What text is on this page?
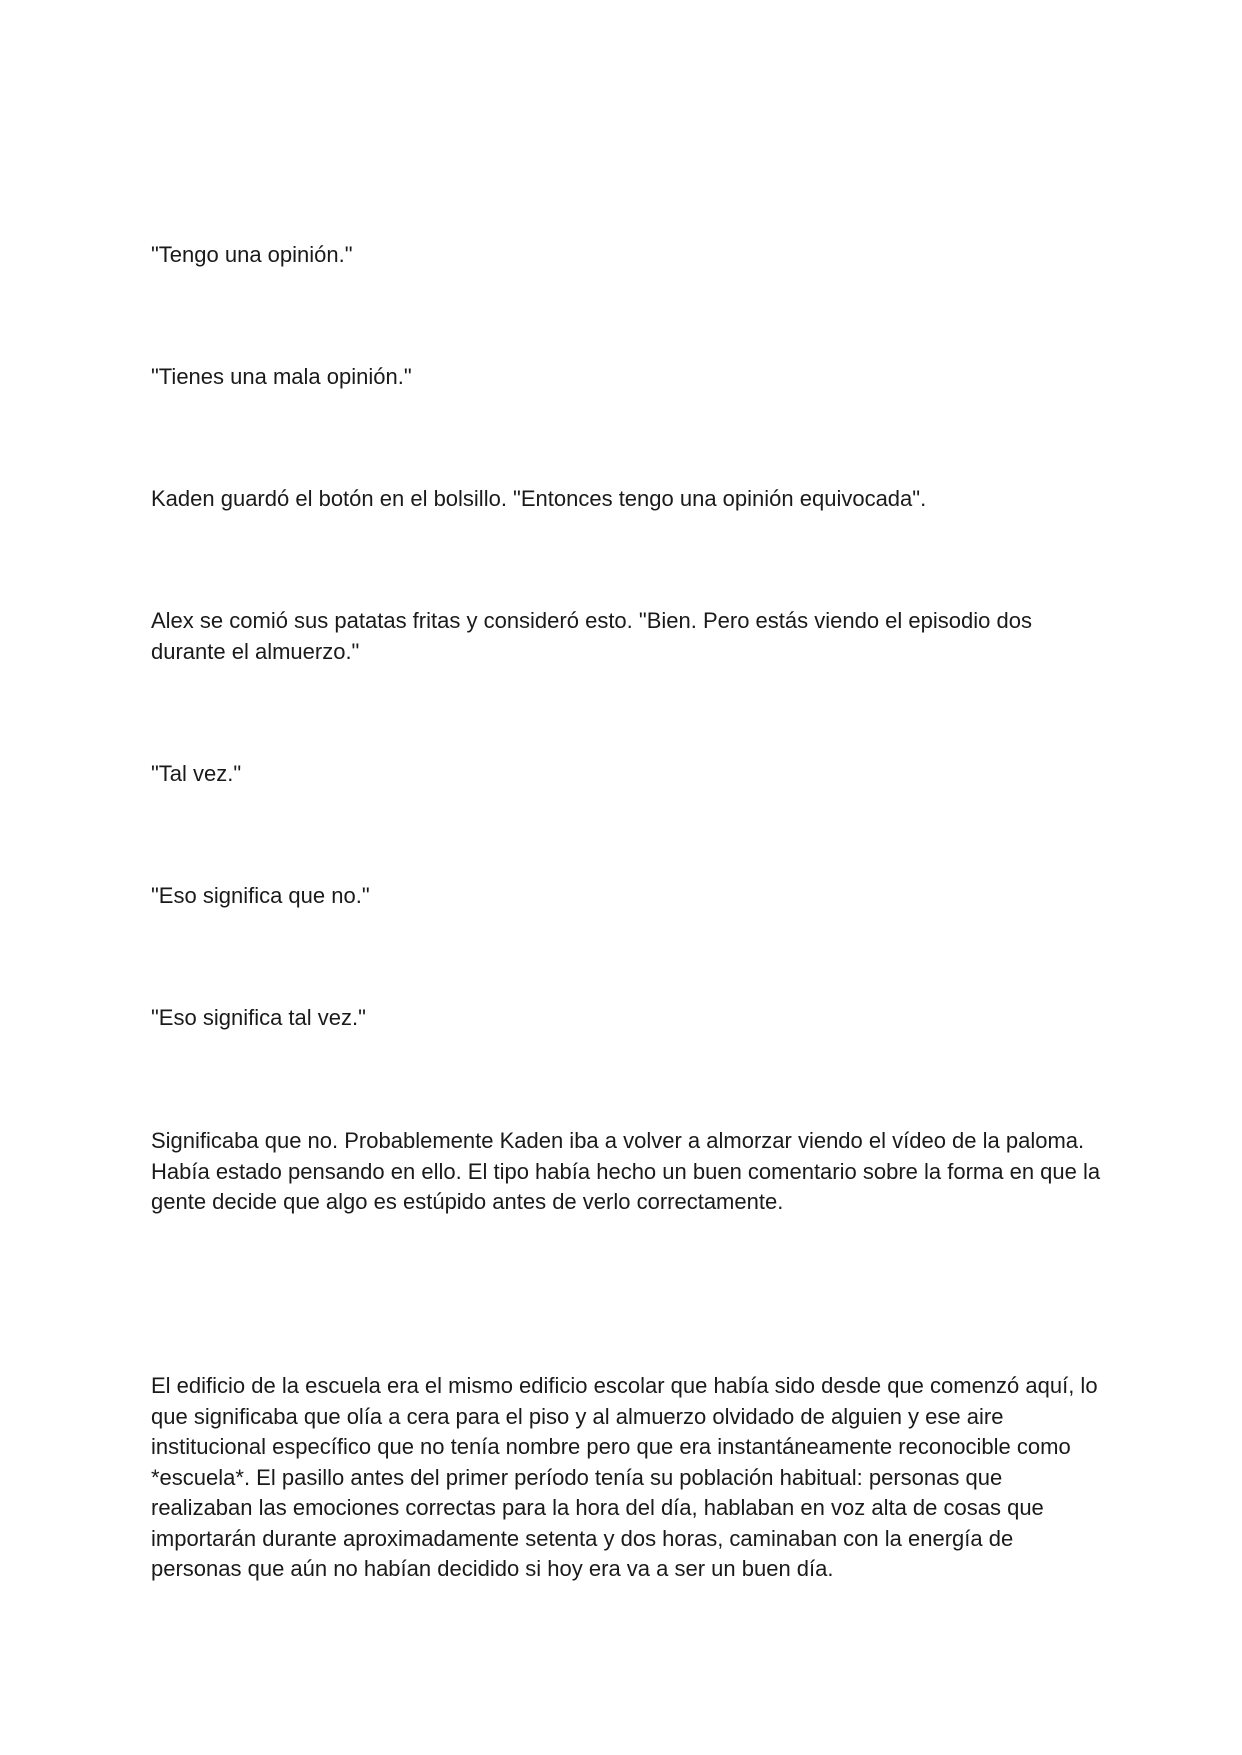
"Tengo una opinión."

"Tienes una mala opinión."

Kaden guardó el botón en el bolsillo. "Entonces tengo una opinión equivocada".

Alex se comió sus patatas fritas y consideró esto. "Bien. Pero estás viendo el episodio dos durante el almuerzo."

"Tal vez."

"Eso significa que no."

"Eso significa tal vez."

Significaba que no. Probablemente Kaden iba a volver a almorzar viendo el vídeo de la paloma. Había estado pensando en ello. El tipo había hecho un buen comentario sobre la forma en que la gente decide que algo es estúpido antes de verlo correctamente.

El edificio de la escuela era el mismo edificio escolar que había sido desde que comenzó aquí, lo que significaba que olía a cera para el piso y al almuerzo olvidado de alguien y ese aire institucional específico que no tenía nombre pero que era instantáneamente reconocible como *escuela*. El pasillo antes del primer período tenía su población habitual: personas que realizaban las emociones correctas para la hora del día, hablaban en voz alta de cosas que importarán durante aproximadamente setenta y dos horas, caminaban con la energía de personas que aún no habían decidido si hoy era va a ser un buen día.
